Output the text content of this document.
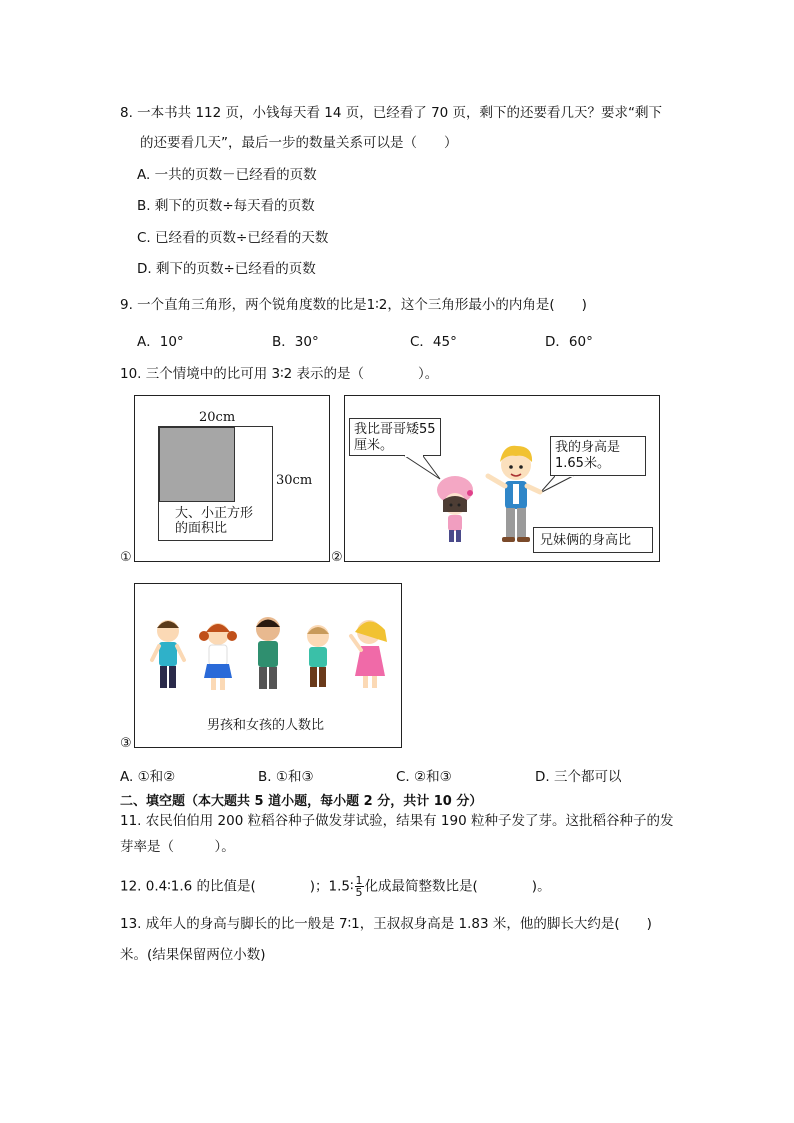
8. 一本书共 112 页，小钱每天看 14 页，已经看了 70 页，剩下的还要看几天？要求“剩下
的还要看几天”，最后一步的数量关系可以是（　　）
A. 一共的页数－已经看的页数
B. 剩下的页数÷每天看的页数
C. 已经看的页数÷已经看的天数
D. 剩下的页数÷已经看的页数
9. 一个直角三角形，两个锐角度数的比是1∶2，这个三角形最小的内角是(　　)
A．10°	B．30°	C．45°	D．60°
10. 三个情境中的比可用 3∶2 表示的是（　　　　）。
20cm
30cm
大、小正方形
的面积比
①
我比哥哥矮55
厘米。	我的身高是
1.65米。
兄妹俩的身高比
②
男孩和女孩的人数比
③
A. ①和②	B. ①和③	C. ②和③	D. 三个都可以
二、填空题（本大题共 5 道小题，每小题 2 分，共计 10 分）
11. 农民伯伯用 200 粒稻谷种子做发芽试验，结果有 190 粒种子发了芽。这批稻谷种子的发
芽率是（　　　）。
12. 0.4∶1.6 的比值是(　　　　)；1.5∶ $\frac{1}{5}$ 化成最简整数比是(　　　　)。
13. 成年人的身高与脚长的比一般是 7∶1，王叔叔身高是 1.83 米，他的脚长大约是(　　)
米。(结果保留两位小数)
